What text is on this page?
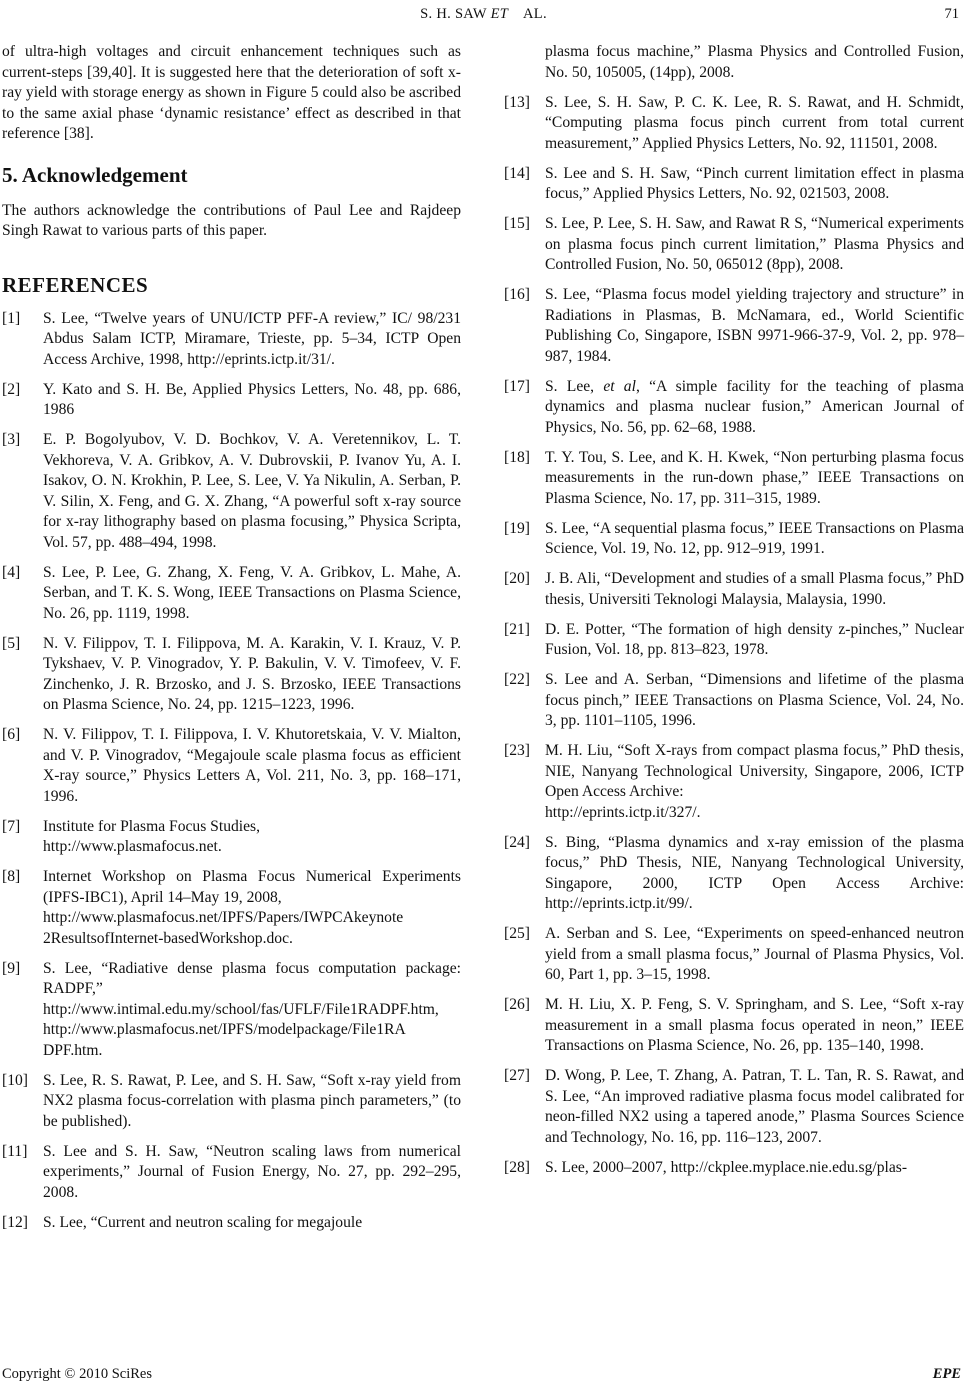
S. H. SAW ET AL.	71

of ultra-high voltages and circuit enhancement techniques such as current-steps [39,40]. It is suggested here that the deterioration of soft x-ray yield with storage energy as shown in Figure 5 could also be ascribed to the same axial phase ‘dynamic resistance’ effect as described in that reference [38].

5. Acknowledgement

The authors acknowledge the contributions of Paul Lee and Rajdeep Singh Rawat to various parts of this paper.

REFERENCES
[1]	S. Lee, “Twelve years of UNU/ICTP PFF-A review,” IC/ 98/231 Abdus Salam ICTP, Miramare, Trieste, pp. 5–34, ICTP Open Access Archive, 1998, http://eprints.ictp.it/31/.
[2]	Y. Kato and S. H. Be, Applied Physics Letters, No. 48, pp. 686, 1986
[3]	E. P. Bogolyubov, V. D. Bochkov, V. A. Veretennikov, L. T. Vekhoreva, V. A. Gribkov, A. V. Dubrovskii, P. Ivanov Yu, A. I. Isakov, O. N. Krokhin, P. Lee, S. Lee, V. Ya Nikulin, A. Serban, P. V. Silin, X. Feng, and G. X. Zhang, “A powerful soft x-ray source for x-ray lithography based on plasma focusing,” Physica Scripta, Vol. 57, pp. 488–494, 1998.
[4]	S. Lee, P. Lee, G. Zhang, X. Feng, V. A. Gribkov, L. Mahe, A. Serban, and T. K. S. Wong, IEEE Transactions on Plasma Science, No. 26, pp. 1119, 1998.
[5]	N. V. Filippov, T. I. Filippova, M. A. Karakin, V. I. Krauz, V. P. Tykshaev, V. P. Vinogradov, Y. P. Bakulin, V. V. Timofeev, V. F. Zinchenko, J. R. Brzosko, and J. S. Brzosko, IEEE Transactions on Plasma Science, No. 24, pp. 1215–1223, 1996.
[6]	N. V. Filippov, T. I. Filippova, I. V. Khutoretskaia, V. V. Mialton, and V. P. Vinogradov, “Megajoule scale plasma focus as efficient X-ray source,” Physics Letters A, Vol. 211, No. 3, pp. 168–171, 1996.
[7]	Institute for Plasma Focus Studies,
http://www.plasmafocus.net.
[8]	Internet Workshop on Plasma Focus Numerical Experiments (IPFS-IBC1), April 14–May 19, 2008,
http://www.plasmafocus.net/IPFS/Papers/IWPCAkeynote
2ResultsofInternet-basedWorkshop.doc.
[9]	S. Lee, “Radiative dense plasma focus computation package: RADPF,”
http://www.intimal.edu.my/school/fas/UFLF/File1RADPF.htm,
http://www.plasmafocus.net/IPFS/modelpackage/File1RA
DPF.htm.
[10] S. Lee, R. S. Rawat, P. Lee, and S. H. Saw, “Soft x-ray yield from NX2 plasma focus-correlation with plasma pinch parameters,” (to be published).
[11] S. Lee and S. H. Saw, “Neutron scaling laws from numerical experiments,” Journal of Fusion Energy, No. 27, pp. 292–295, 2008.
[12] S. Lee, “Current and neutron scaling for megajoule
plasma focus machine,” Plasma Physics and Controlled Fusion, No. 50, 105005, (14pp), 2008.
[13] S. Lee, S. H. Saw, P. C. K. Lee, R. S. Rawat, and H. Schmidt, “Computing plasma focus pinch current from total current measurement,” Applied Physics Letters, No. 92, 111501, 2008.
[14] S. Lee and S. H. Saw, “Pinch current limitation effect in plasma focus,” Applied Physics Letters, No. 92, 021503, 2008.
[15] S. Lee, P. Lee, S. H. Saw, and Rawat R S, “Numerical experiments on plasma focus pinch current limitation,” Plasma Physics and Controlled Fusion, No. 50, 065012 (8pp), 2008.
[16] S. Lee, “Plasma focus model yielding trajectory and structure” in Radiations in Plasmas, B. McNamara, ed., World Scientific Publishing Co, Singapore, ISBN 9971-966-37-9, Vol. 2, pp. 978–987, 1984.
[17] S. Lee, et al, “A simple facility for the teaching of plasma dynamics and plasma nuclear fusion,” American Journal of Physics, No. 56, pp. 62–68, 1988.
[18] T. Y. Tou, S. Lee, and K. H. Kwek, “Non perturbing plasma focus measurements in the run-down phase,” IEEE Transactions on Plasma Science, No. 17, pp. 311–315, 1989.
[19] S. Lee, “A sequential plasma focus,” IEEE Transactions on Plasma Science, Vol. 19, No. 12, pp. 912–919, 1991.
[20] J. B. Ali, “Development and studies of a small Plasma focus,” PhD thesis, Universiti Teknologi Malaysia, Malaysia, 1990.
[21] D. E. Potter, “The formation of high density z-pinches,” Nuclear Fusion, Vol. 18, pp. 813–823, 1978.
[22] S. Lee and A. Serban, “Dimensions and lifetime of the plasma focus pinch,” IEEE Transactions on Plasma Science, Vol. 24, No. 3, pp. 1101–1105, 1996.
[23] M. H. Liu, “Soft X-rays from compact plasma focus,” PhD thesis, NIE, Nanyang Technological University, Singapore, 2006, ICTP Open Access Archive:
http://eprints.ictp.it/327/.
[24] S. Bing, “Plasma dynamics and x-ray emission of the plasma focus,” PhD Thesis, NIE, Nanyang Technological University, Singapore, 2000, ICTP Open Access Archive: http://eprints.ictp.it/99/.
[25] A. Serban and S. Lee, “Experiments on speed-enhanced neutron yield from a small plasma focus,” Journal of Plasma Physics, Vol. 60, Part 1, pp. 3–15, 1998.
[26] M. H. Liu, X. P. Feng, S. V. Springham, and S. Lee, “Soft x-ray measurement in a small plasma focus operated in neon,” IEEE Transactions on Plasma Science, No. 26, pp. 135–140, 1998.
[27] D. Wong, P. Lee, T. Zhang, A. Patran, T. L. Tan, R. S. Rawat, and S. Lee, “An improved radiative plasma focus model calibrated for neon-filled NX2 using a tapered anode,” Plasma Sources Science and Technology, No. 16, pp. 116–123, 2007.
[28] S. Lee, 2000–2007, http://ckplee.myplace.nie.edu.sg/plas-
Copyright © 2010 SciRes	EPE
